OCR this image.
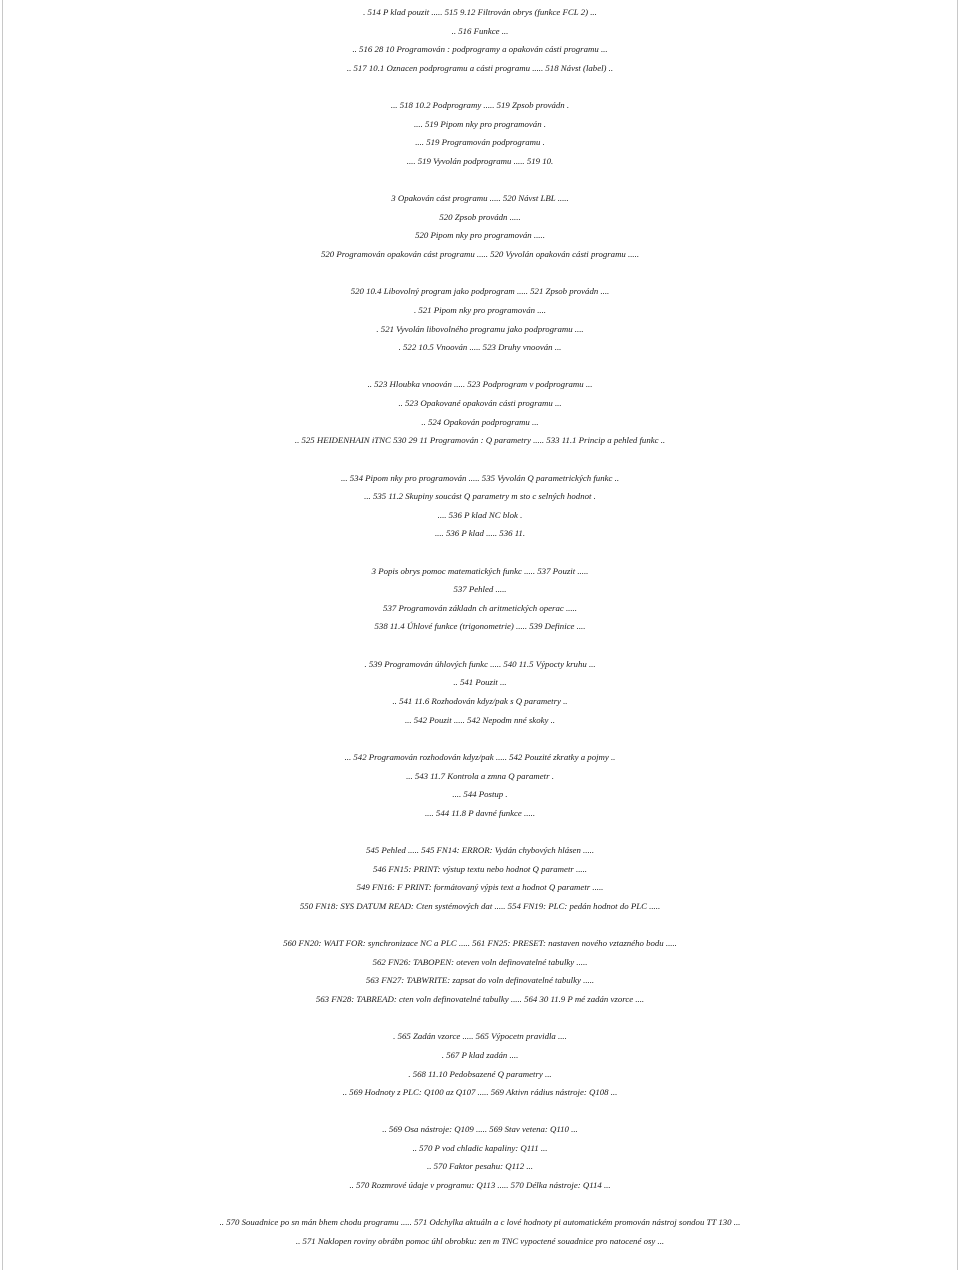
. 514 P klad pouzit ..... 515 9.12 Filtrován obrys (funkce FCL 2) ...
.. 516 Funkce ...
.. 516 28 10 Programován : podprogramy a opakován cásti programu ...
.. 517 10.1 Oznacen podprogramu a cásti programu ..... 518 Návst (label) ..
... 518 10.2 Podprogramy ..... 519 Zpsob provádn .
.... 519 Pipom nky pro programován .
.... 519 Programován podprogramu .
.... 519 Vyvolán podprogramu ..... 519 10.
3 Opakován cást programu ..... 520 Návst LBL .....
520 Zpsob provádn .....
520 Pipom nky pro programován .....
520 Programován opakován cást programu ..... 520 Vyvolán opakován cásti programu .....
520 10.4 Libovolný program jako podprogram ..... 521 Zpsob provádn ....
. 521 Pipom nky pro programován ....
. 521 Vyvolán libovolného programu jako podprogramu ....
. 522 10.5 Vnoován ..... 523 Druhy vnoován ...
.. 523 Hloubka vnoován ..... 523 Podprogram v podprogramu ...
.. 523 Opakované opakován cásti programu ...
.. 524 Opakován podprogramu ...
.. 525 HEIDENHAIN iTNC 530 29 11 Programován : Q parametry ..... 533 11.1 Princip a pehled funkc ..
... 534 Pipom nky pro programován ..... 535 Vyvolán Q parametrických funkc ..
... 535 11.2 Skupiny soucást Q parametry m sto c selných hodnot .
.... 536 P klad NC blok .
.... 536 P klad ..... 536 11.
3 Popis obrys pomoc matematických funkc ..... 537 Pouzit .....
537 Pehled .....
537 Programován základn ch aritmetických operac .....
538 11.4 Úhlové funkce (trigonometrie) ..... 539 Definice ....
. 539 Programován úhlových funkc ..... 540 11.5 Výpocty kruhu ...
.. 541 Pouzit ...
.. 541 11.6 Rozhodován kdyz/pak s Q parametry ..
... 542 Pouzit ..... 542 Nepodm nné skoky ..
... 542 Programován rozhodován kdyz/pak ..... 542 Pouzité zkratky a pojmy ..
... 543 11.7 Kontrola a zmna Q parametr .
.... 544 Postup .
.... 544 11.8 P davné funkce .....
545 Pehled ..... 545 FN14: ERROR: Vydán chybových hlásen .....
546 FN15: PRINT: výstup textu nebo hodnot Q parametr .....
549 FN16: F PRINT: formátovaný výpis text a hodnot Q parametr .....
550 FN18: SYS DATUM READ: Cten systémových dat ..... 554 FN19: PLC: pedán hodnot do PLC .....
560 FN20: WAIT FOR: synchronizace NC a PLC ..... 561 FN25: PRESET: nastaven nového vztazného bodu .....
562 FN26: TABOPEN: oteven voln definovatelné tabulky .....
563 FN27: TABWRITE: zapsat do voln definovatelné tabulky .....
563 FN28: TABREAD: cten voln definovatelné tabulky ..... 564 30 11.9 P mé zadán vzorce ....
. 565 Zadán vzorce ..... 565 Výpocetn pravidla ....
. 567 P klad zadán ....
. 568 11.10 Pedobsazené Q parametry ...
.. 569 Hodnoty z PLC: Q100 az Q107 ..... 569 Aktivn rádius nástroje: Q108 ...
.. 569 Osa nástroje: Q109 ..... 569 Stav vetena: Q110 ...
.. 570 P vod chladic kapaliny: Q111 ...
.. 570 Faktor pesahu: Q112 ...
.. 570 Rozmrové údaje v programu: Q113 ..... 570 Délka nástroje: Q114 ...
.. 570 Souadnice po sn mán bhem chodu programu ..... 571 Odchylka aktuáln a c lové hodnoty pi automatickém promován nástroj sondou TT 130 ...
.. 571 Naklopen roviny obrábn pomoc úhl obrobku: zen m TNC vypoctené souadnice pro natocené osy ...
